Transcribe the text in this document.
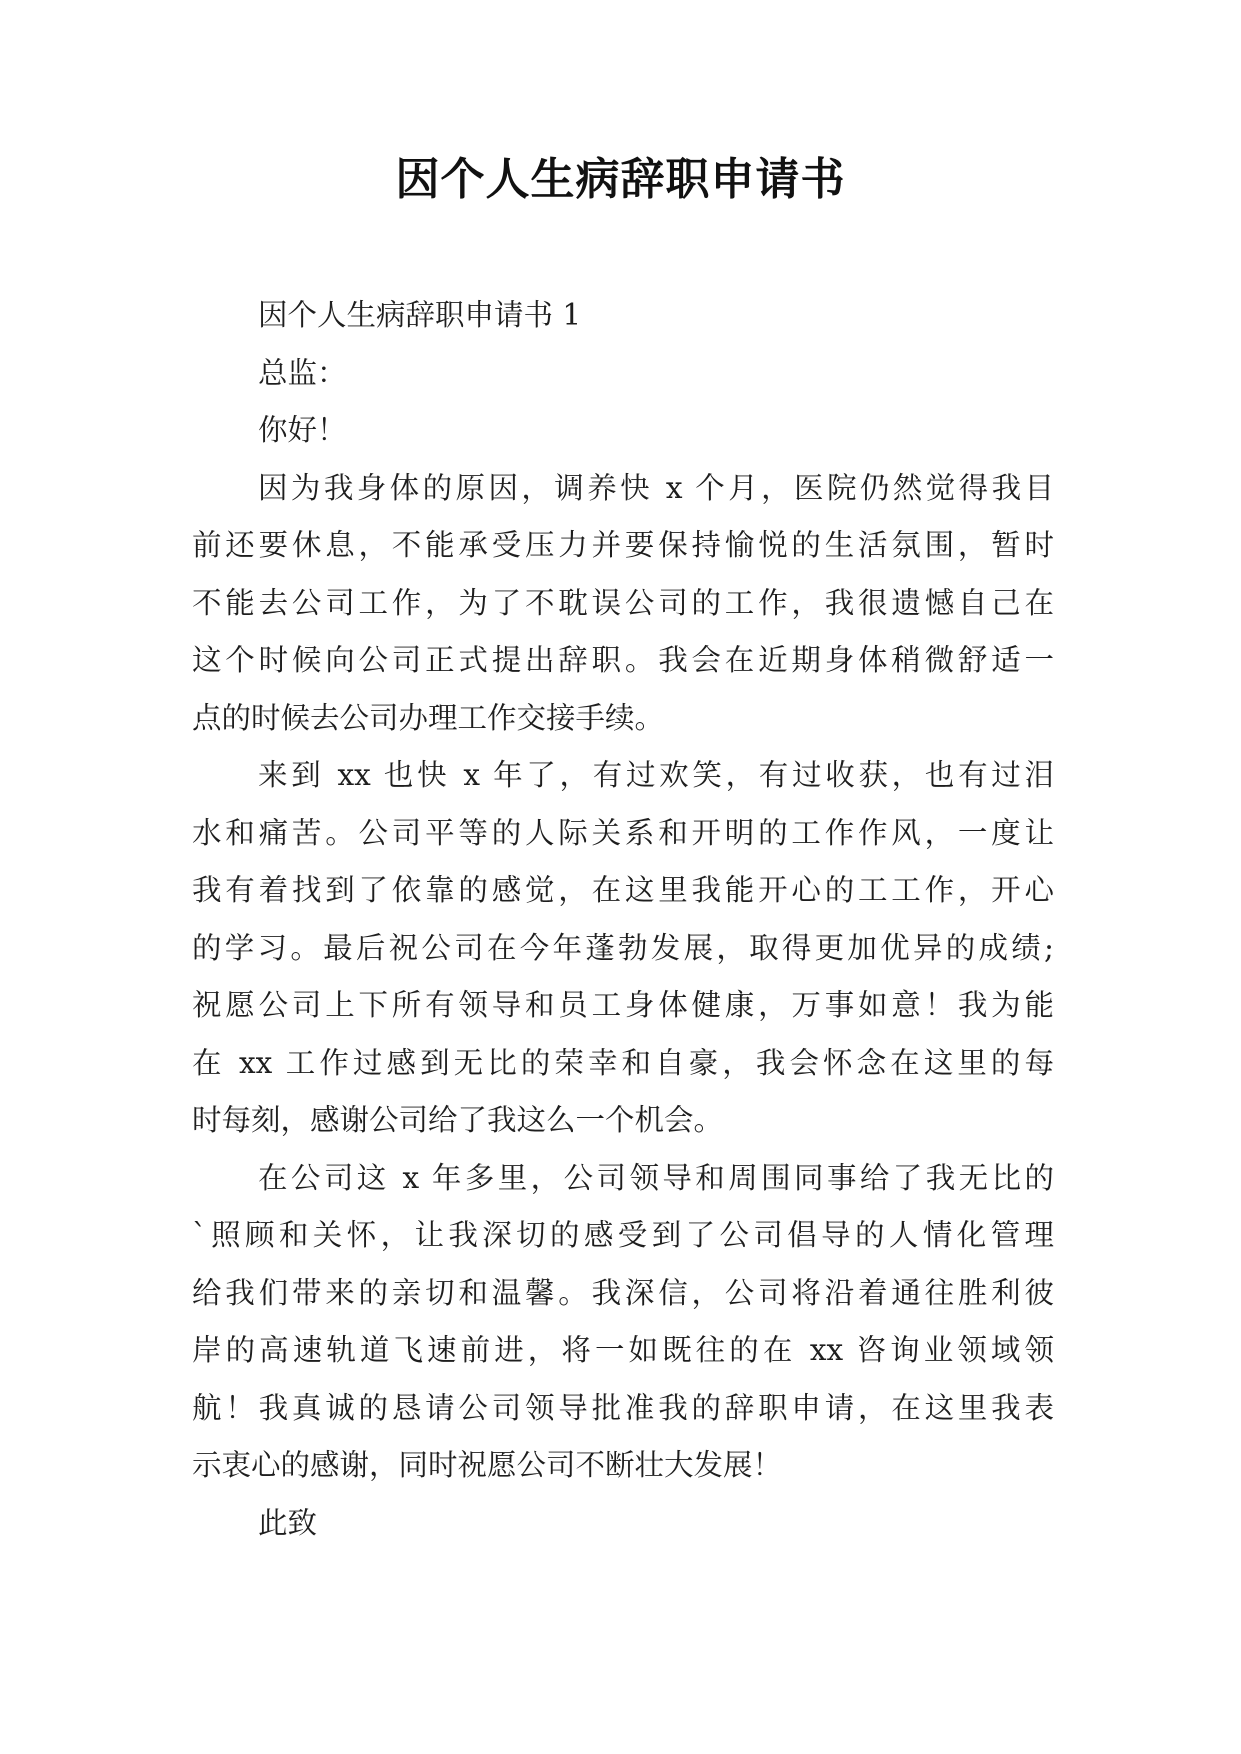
因个人生病辞职申请书
因个人生病辞职申请书 1
总监：
你好！
因为我身体的原因，调养快 x 个月，医院仍然觉得我目
前还要休息，不能承受压力并要保持愉悦的生活氛围，暂时
不能去公司工作，为了不耽误公司的工作，我很遗憾自己在
这个时候向公司正式提出辞职。我会在近期身体稍微舒适一
点的时候去公司办理工作交接手续。
来到 xx 也快 x 年了，有过欢笑，有过收获，也有过泪
水和痛苦。公司平等的人际关系和开明的工作作风，一度让
我有着找到了依靠的感觉，在这里我能开心的工工作，开心
的学习。最后祝公司在今年蓬勃发展，取得更加优异的成绩;
祝愿公司上下所有领导和员工身体健康，万事如意！我为能
在 xx 工作过感到无比的荣幸和自豪，我会怀念在这里的每
时每刻，感谢公司给了我这么一个机会。
在公司这 x 年多里，公司领导和周围同事给了我无比的
`照顾和关怀，让我深切的感受到了公司倡导的人情化管理
给我们带来的亲切和温馨。我深信，公司将沿着通往胜利彼
岸的高速轨道飞速前进，将一如既往的在 xx 咨询业领域领
航！我真诚的恳请公司领导批准我的辞职申请，在这里我表
示衷心的感谢，同时祝愿公司不断壮大发展！
此致
